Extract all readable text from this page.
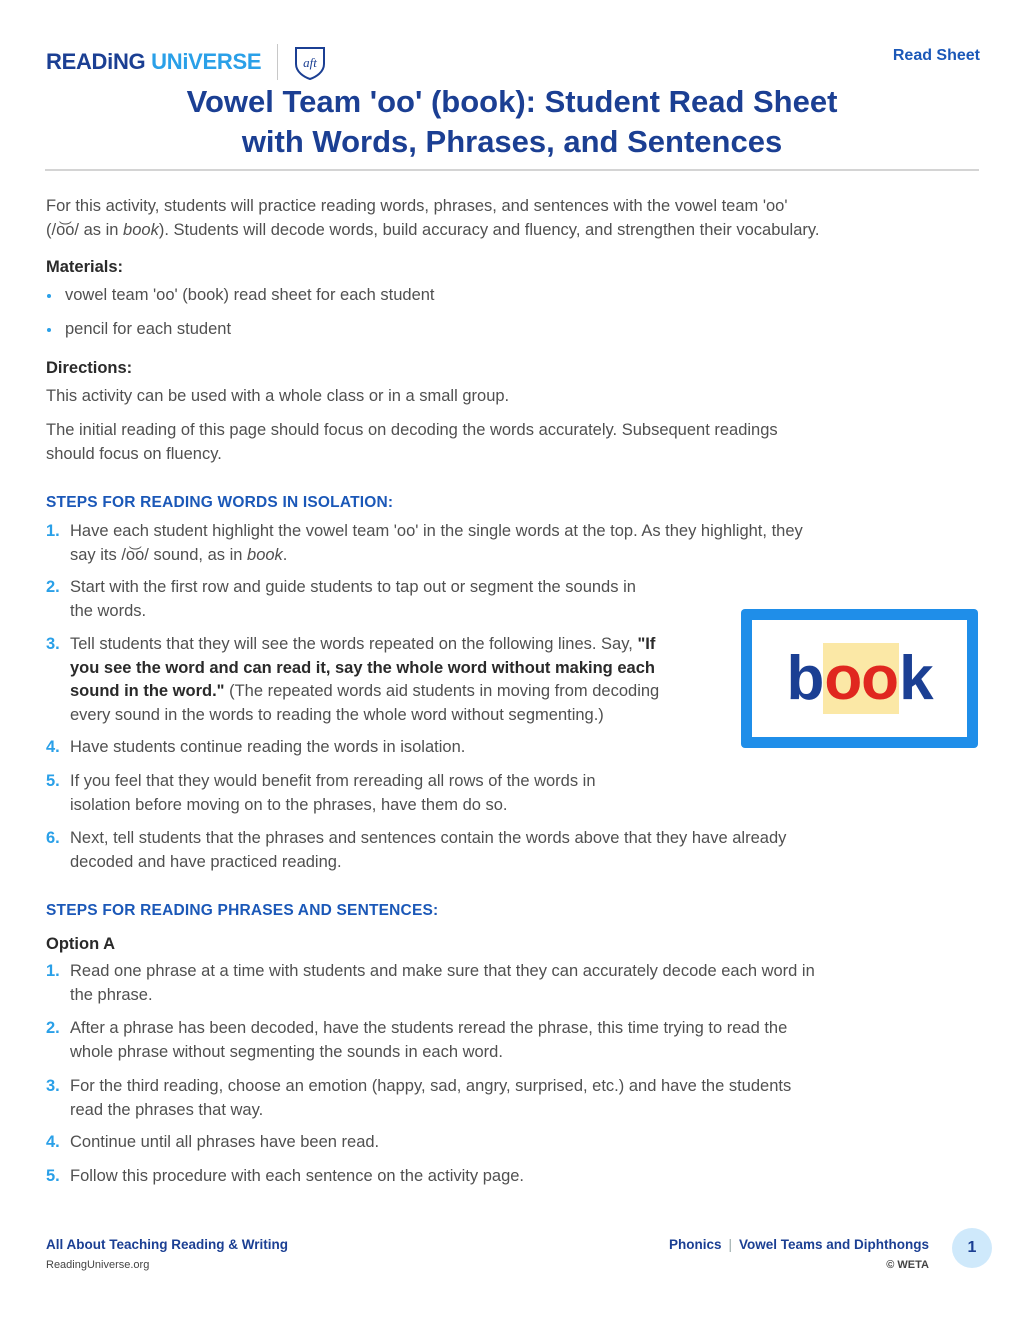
READiNG UNiVERSE	aft	Read Sheet
Vowel Team 'oo' (book): Student Read Sheet
with Words, Phrases, and Sentences
For this activity, students will practice reading words, phrases, and sentences with the vowel team 'oo'
(/o͝o/ as in book). Students will decode words, build accuracy and fluency, and strengthen their vocabulary.
Materials:
vowel team 'oo' (book) read sheet for each student
pencil for each student
Directions:
This activity can be used with a whole class or in a small group.
The initial reading of this page should focus on decoding the words accurately. Subsequent readings
should focus on fluency.
STEPS FOR READING WORDS IN ISOLATION:
1. Have each student highlight the vowel team 'oo' in the single words at the top. As they highlight, they
say its /o͝o/ sound, as in book.
2. Start with the first row and guide students to tap out or segment the sounds in
the words.
3. Tell students that they will see the words repeated on the following lines. Say, "If
you see the word and can read it, say the whole word without making each
sound in the word." (The repeated words aid students in moving from decoding
every sound in the words to reading the whole word without segmenting.)
4. Have students continue reading the words in isolation.
5. If you feel that they would benefit from rereading all rows of the words in
isolation before moving on to the phrases, have them do so.
6. Next, tell students that the phrases and sentences contain the words above that they have already
decoded and have practiced reading.
b oo k
STEPS FOR READING PHRASES AND SENTENCES:
Option A
1. Read one phrase at a time with students and make sure that they can accurately decode each word in
the phrase.
2. After a phrase has been decoded, have the students reread the phrase, this time trying to read the
whole phrase without segmenting the sounds in each word.
3. For the third reading, choose an emotion (happy, sad, angry, surprised, etc.) and have the students
read the phrases that way.
4. Continue until all phrases have been read.
5. Follow this procedure with each sentence on the activity page.
All About Teaching Reading & Writing
ReadingUniverse.org
Phonics | Vowel Teams and Diphthongs
© WETA
1
